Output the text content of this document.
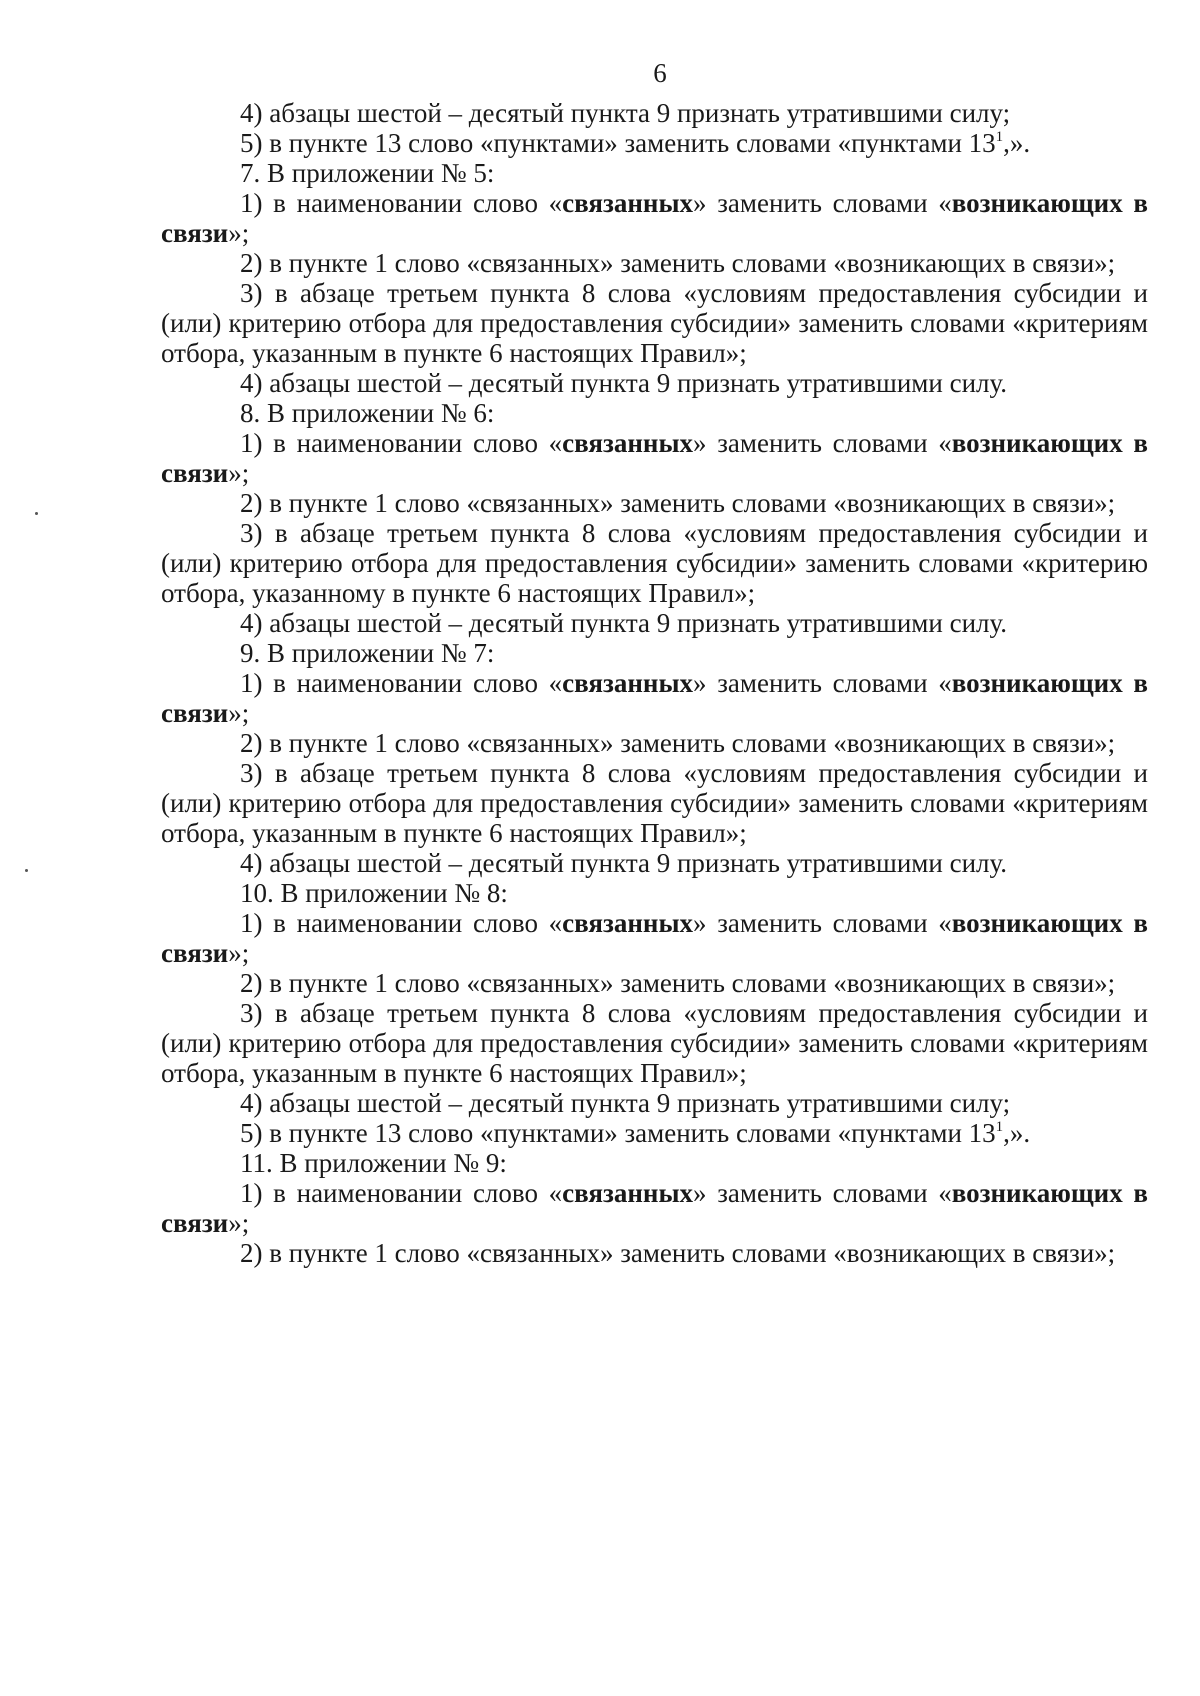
6

4) абзацы шестой – десятый пункта 9 признать утратившими силу;

5) в пункте 13 слово «пунктами» заменить словами «пунктами $13^1$,».

7. В приложении № 5:

1) в наименовании слово «связанных» заменить словами «возникающих в связи»;

2) в пункте 1 слово «связанных» заменить словами «возникающих в связи»;

3) в абзаце третьем пункта 8 слова «условиям предоставления субсидии и (или) критерию отбора для предоставления субсидии» заменить словами «критериям отбора, указанным в пункте 6 настоящих Правил»;

4) абзацы шестой – десятый пункта 9 признать утратившими силу.

8. В приложении № 6:

1) в наименовании слово «связанных» заменить словами «возникающих в связи»;

2) в пункте 1 слово «связанных» заменить словами «возникающих в связи»;

3) в абзаце третьем пункта 8 слова «условиям предоставления субсидии и (или) критерию отбора для предоставления субсидии» заменить словами «критерию отбора, указанному в пункте 6 настоящих Правил»;

4) абзацы шестой – десятый пункта 9 признать утратившими силу.

9. В приложении № 7:

1) в наименовании слово «связанных» заменить словами «возникающих в связи»;

2) в пункте 1 слово «связанных» заменить словами «возникающих в связи»;

3) в абзаце третьем пункта 8 слова «условиям предоставления субсидии и (или) критерию отбора для предоставления субсидии» заменить словами «критериям отбора, указанным в пункте 6 настоящих Правил»;

4) абзацы шестой – десятый пункта 9 признать утратившими силу.

10. В приложении № 8:

1) в наименовании слово «связанных» заменить словами «возникающих в связи»;

2) в пункте 1 слово «связанных» заменить словами «возникающих в связи»;

3) в абзаце третьем пункта 8 слова «условиям предоставления субсидии и (или) критерию отбора для предоставления субсидии» заменить словами «критериям отбора, указанным в пункте 6 настоящих Правил»;

4) абзацы шестой – десятый пункта 9 признать утратившими силу;

5) в пункте 13 слово «пунктами» заменить словами «пунктами $13^1$,».

11. В приложении № 9:

1) в наименовании слово «связанных» заменить словами «возникающих в связи»;

2) в пункте 1 слово «связанных» заменить словами «возникающих в связи»;
